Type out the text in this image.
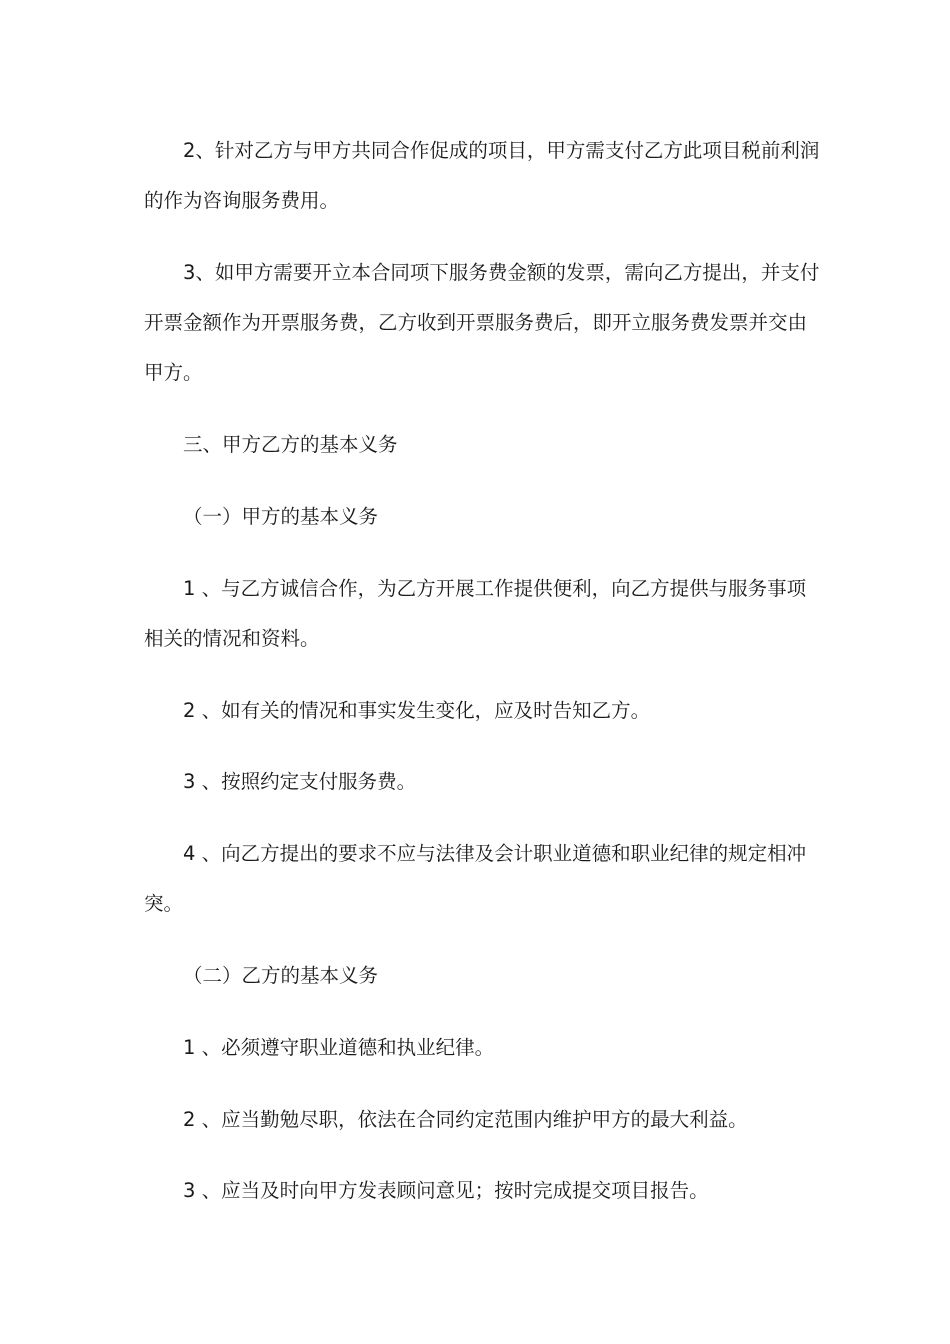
2、针对乙方与甲方共同合作促成的项目，甲方需支付乙方此项目税前利润
的作为咨询服务费用。

3、如甲方需要开立本合同项下服务费金额的发票，需向乙方提出，并支付
开票金额作为开票服务费，乙方收到开票服务费后，即开立服务费发票并交由
甲方。

三、甲方乙方的基本义务

（一）甲方的基本义务

1 、与乙方诚信合作，为乙方开展工作提供便利，向乙方提供与服务事项
相关的情况和资料。

2 、如有关的情况和事实发生变化，应及时告知乙方。

3 、按照约定支付服务费。

4 、向乙方提出的要求不应与法律及会计职业道德和职业纪律的规定相冲
突。

（二）乙方的基本义务

1 、必须遵守职业道德和执业纪律。

2 、应当勤勉尽职，依法在合同约定范围内维护甲方的最大利益。

3 、应当及时向甲方发表顾问意见；按时完成提交项目报告。
